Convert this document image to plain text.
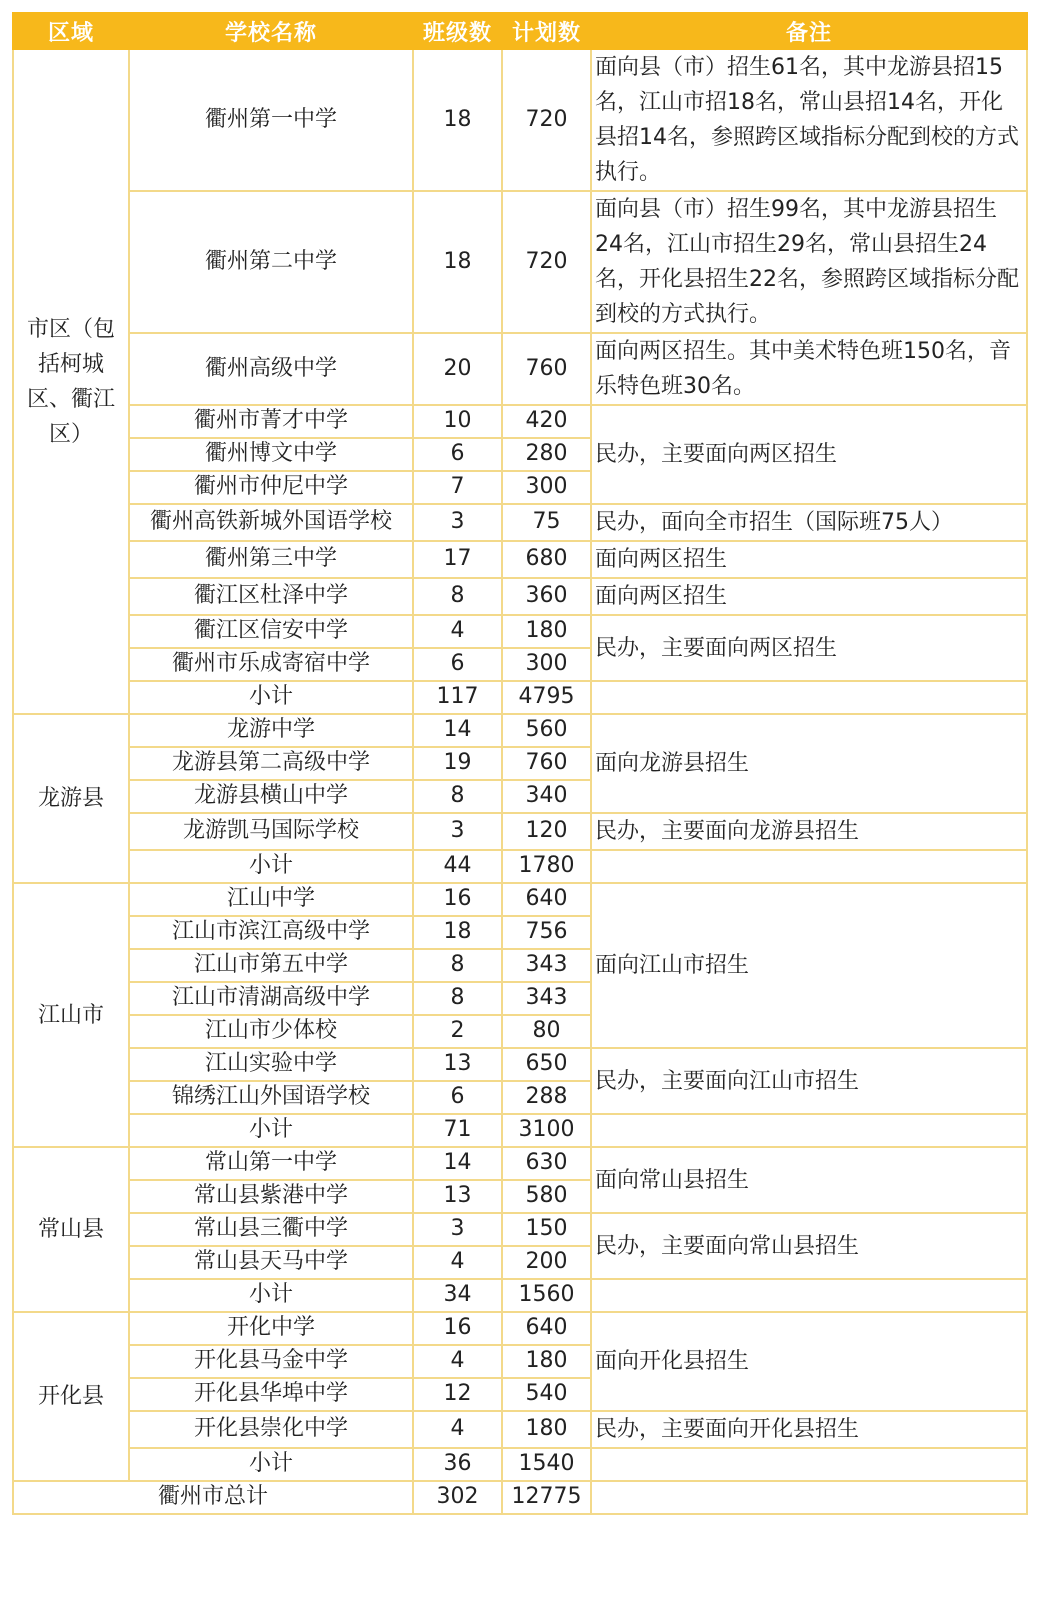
区域	学校名称	班级数	计划数	备注
市区（包括柯城区、衢江区）	衢州第一中学	18	720	面向县（市）招生61名，其中龙游县招15名，江山市招18名，常山县招14名，开化县招14名，参照跨区域指标分配到校的方式执行。
	衢州第二中学	18	720	面向县（市）招生99名，其中龙游县招生24名，江山市招生29名，常山县招生24名，开化县招生22名，参照跨区域指标分配到校的方式执行。
	衢州高级中学	20	760	面向两区招生。其中美术特色班150名，音乐特色班30名。
	衢州市菁才中学	10	420	民办，主要面向两区招生
	衢州博文中学	6	280	
	衢州市仲尼中学	7	300	
	衢州高铁新城外国语学校	3	75	民办，面向全市招生（国际班75人）
	衢州第三中学	17	680	面向两区招生
	衢江区杜泽中学	8	360	面向两区招生
	衢江区信安中学	4	180	民办，主要面向两区招生
	衢州市乐成寄宿中学	6	300	
	小计	117	4795	
龙游县	龙游中学	14	560	面向龙游县招生
	龙游县第二高级中学	19	760	
	龙游县横山中学	8	340	
	龙游凯马国际学校	3	120	民办，主要面向龙游县招生
	小计	44	1780	
江山市	江山中学	16	640	面向江山市招生
	江山市滨江高级中学	18	756	
	江山市第五中学	8	343	
	江山市清湖高级中学	8	343	
	江山市少体校	2	80	
	江山实验中学	13	650	民办，主要面向江山市招生
	锦绣江山外国语学校	6	288	
	小计	71	3100	
常山县	常山第一中学	14	630	面向常山县招生
	常山县紫港中学	13	580	
	常山县三衢中学	3	150	民办，主要面向常山县招生
	常山县天马中学	4	200	
	小计	34	1560	
开化县	开化中学	16	640	面向开化县招生
	开化县马金中学	4	180	
	开化县华埠中学	12	540	
	开化县崇化中学	4	180	民办，主要面向开化县招生
	小计	36	1540	
衢州市总计		302	12775	
